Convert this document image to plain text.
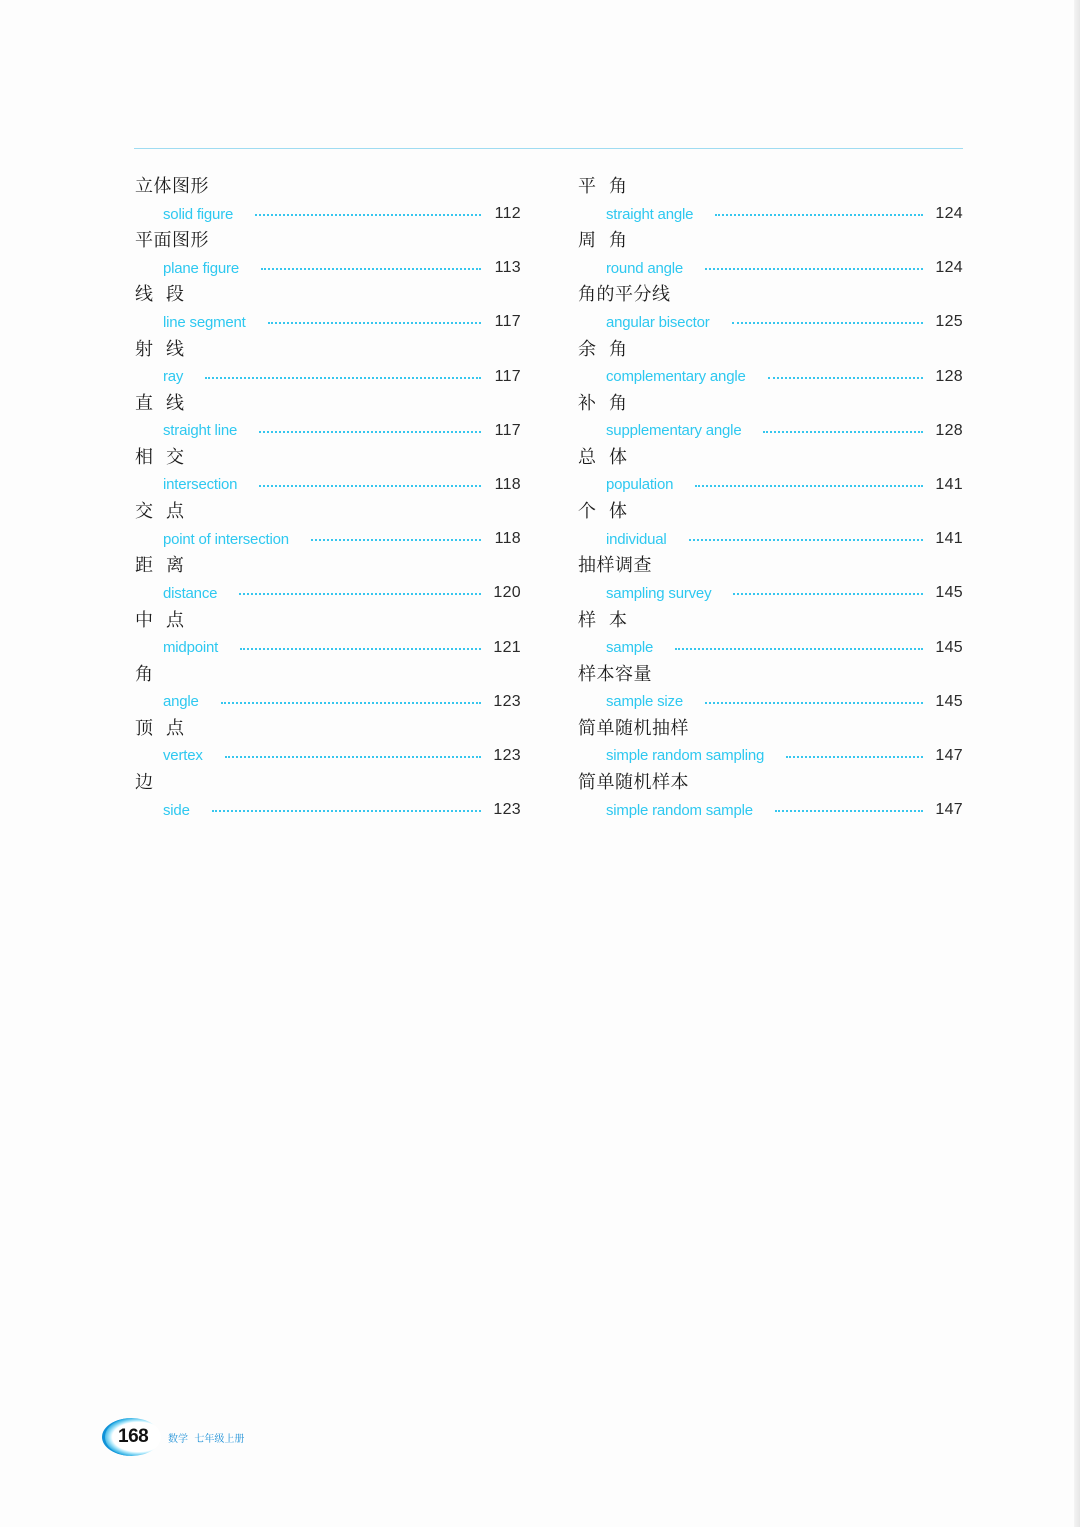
立体图形
solid figure	112
平面图形
plane figure	113
线  段
line segment	117
射  线
ray	117
直  线
straight line	117
相  交
intersection	118
交  点
point of intersection	118
距  离
distance	120
中  点
midpoint	121
角
angle	123
顶  点
vertex	123
边
side	123
平  角
straight angle	124
周  角
round angle	124
角的平分线
angular bisector	125
余  角
complementary angle	128
补  角
supplementary angle	128
总  体
population	141
个  体
individual	141
抽样调查
sampling survey	145
样  本
sample	145
样本容量
sample size	145
简单随机抽样
simple random sampling	147
简单随机样本
simple random sample	147
168 数学  七年级上册
